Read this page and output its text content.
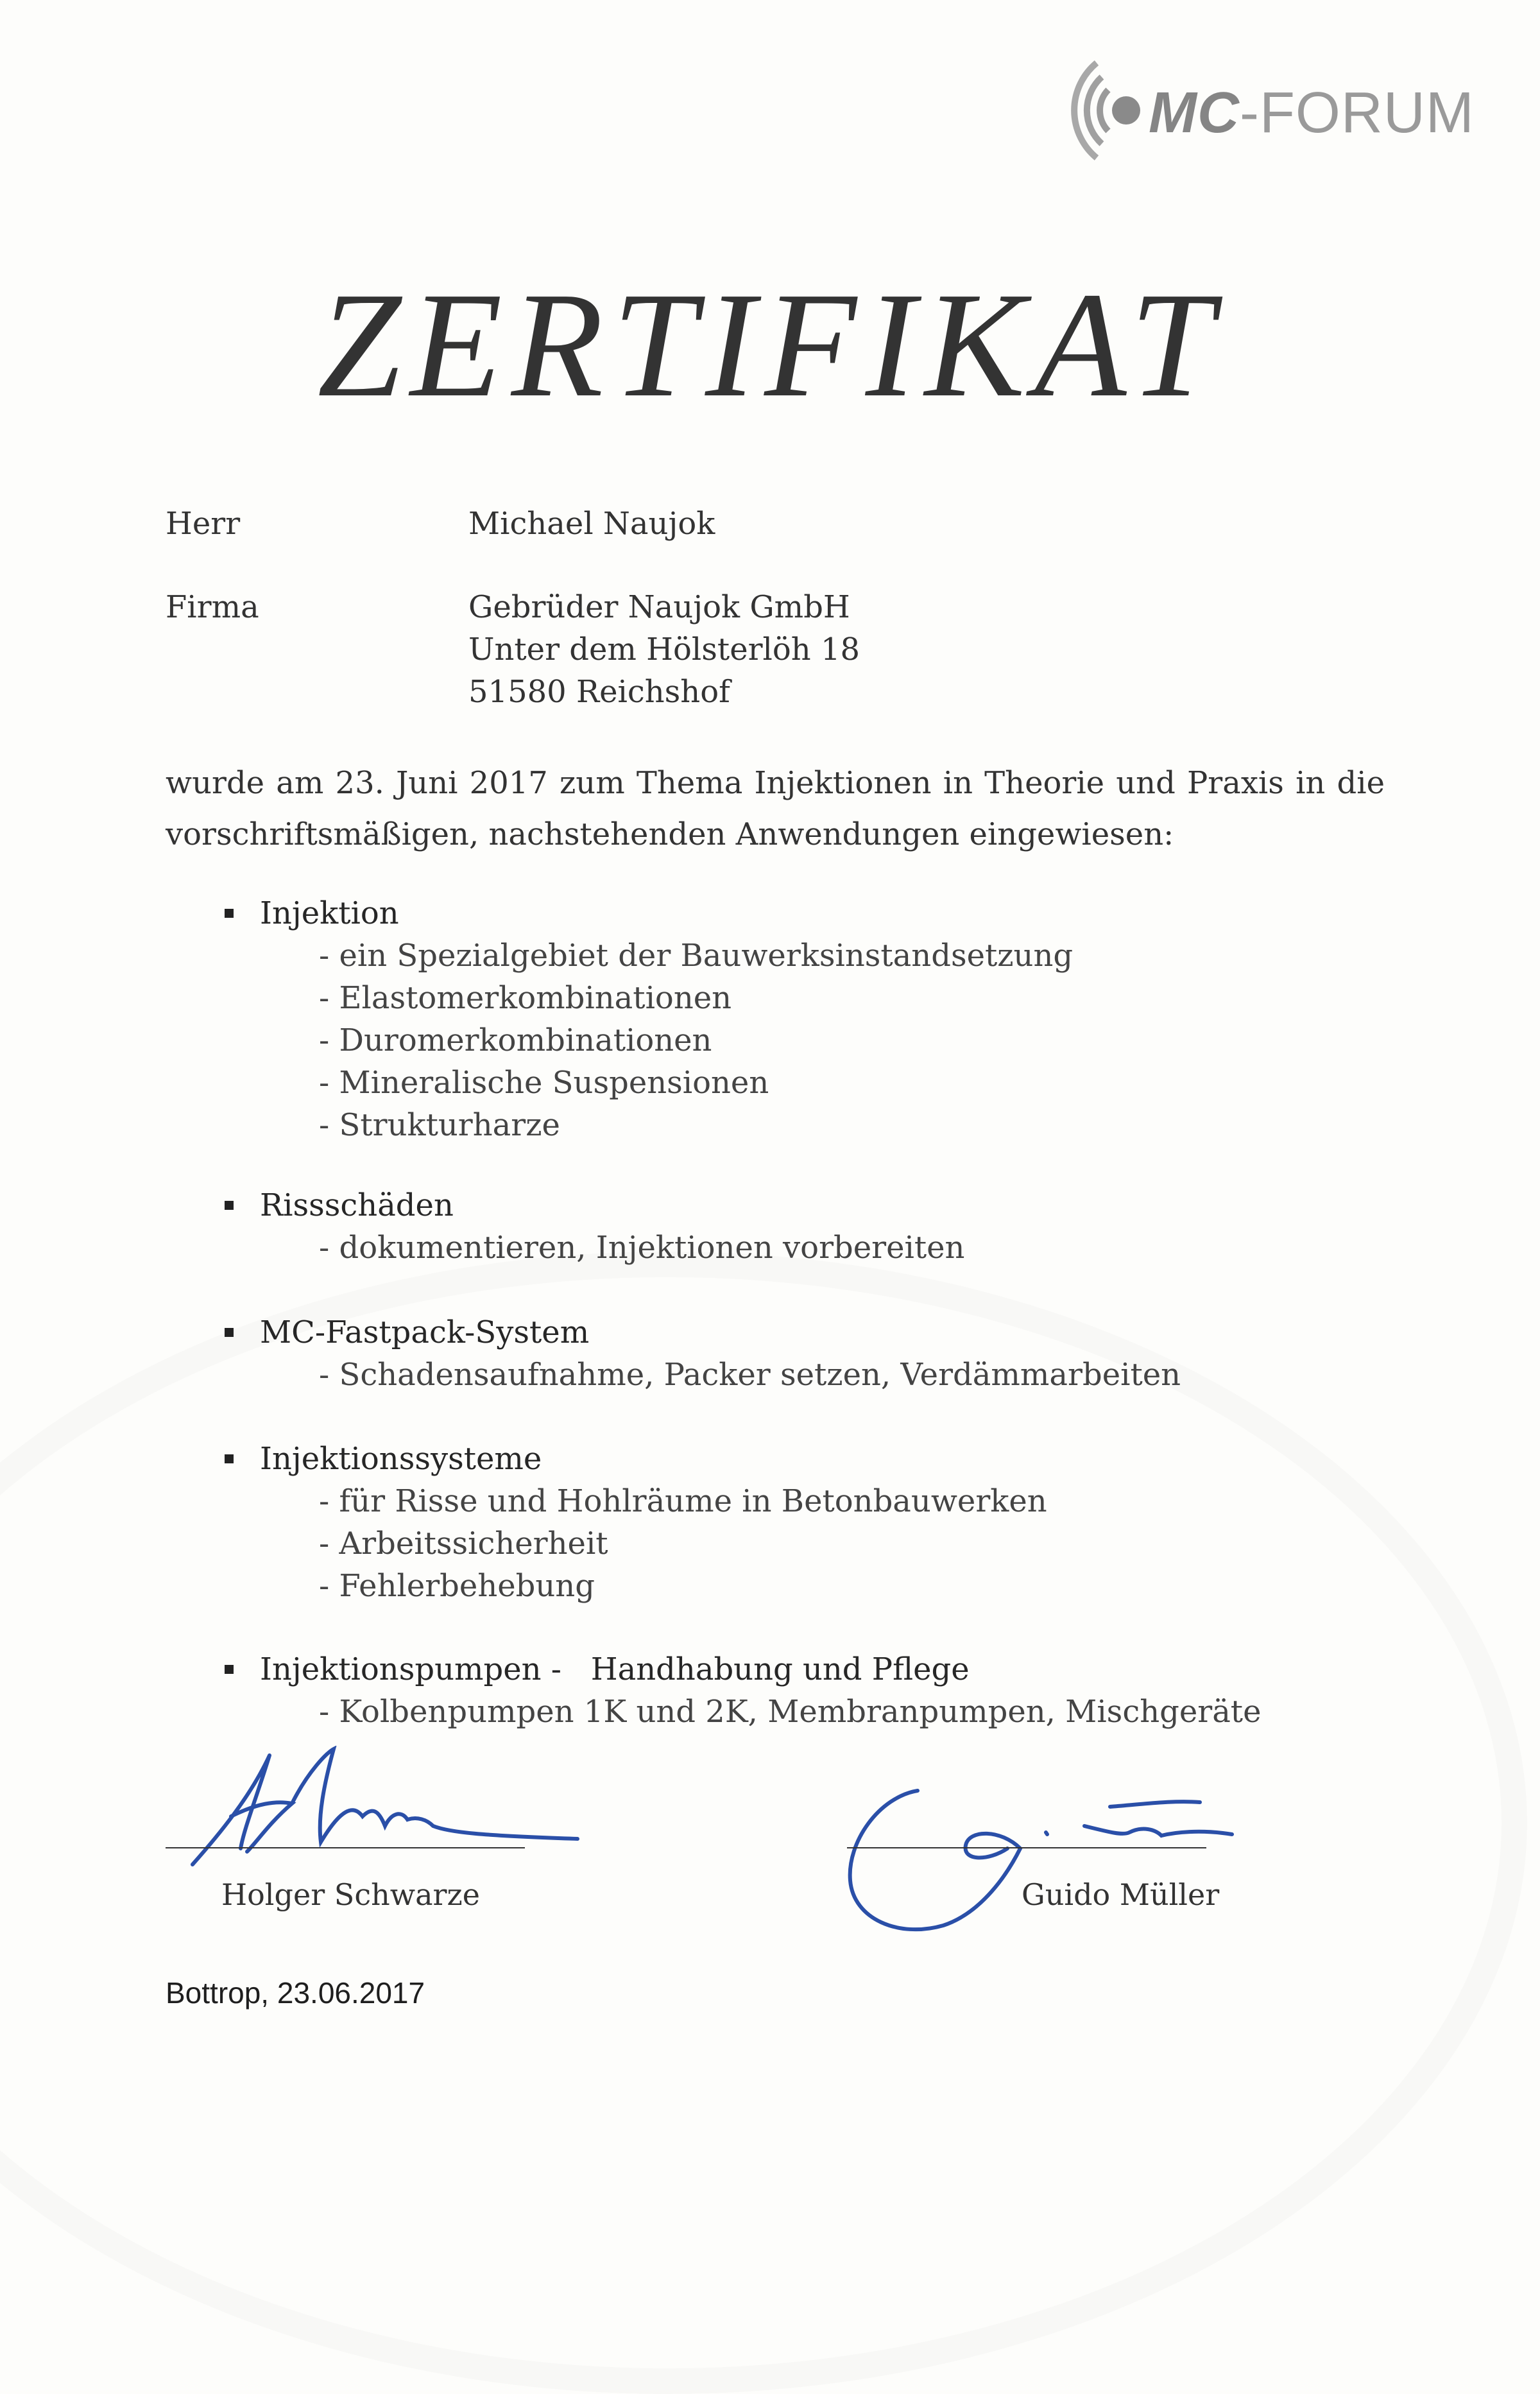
MC-FORUM
ZERTIFIKAT
Herr	Michael Naujok
Firma	Gebrüder Naujok GmbH
Unter dem Hölsterlöh 18
51580 Reichshof
wurde am 23. Juni 2017 zum Thema Injektionen in Theorie und Praxis in die vorschriftsmäßigen, nachstehenden Anwendungen eingewiesen:
Injektion
- ein Spezialgebiet der Bauwerksinstandsetzung
- Elastomerkombinationen
- Duromerkombinationen
- Mineralische Suspensionen
- Strukturharze
Rissschäden
- dokumentieren, Injektionen vorbereiten
MC-Fastpack-System
- Schadensaufnahme, Packer setzen, Verdämmarbeiten
Injektionssysteme
- für Risse und Hohlräume in Betonbauwerken
- Arbeitssicherheit
- Fehlerbehebung
Injektionspumpen -   Handhabung und Pflege
- Kolbenpumpen 1K und 2K, Membranpumpen, Mischgeräte
Holger Schwarze	Guido Müller
Bottrop, 23.06.2017
